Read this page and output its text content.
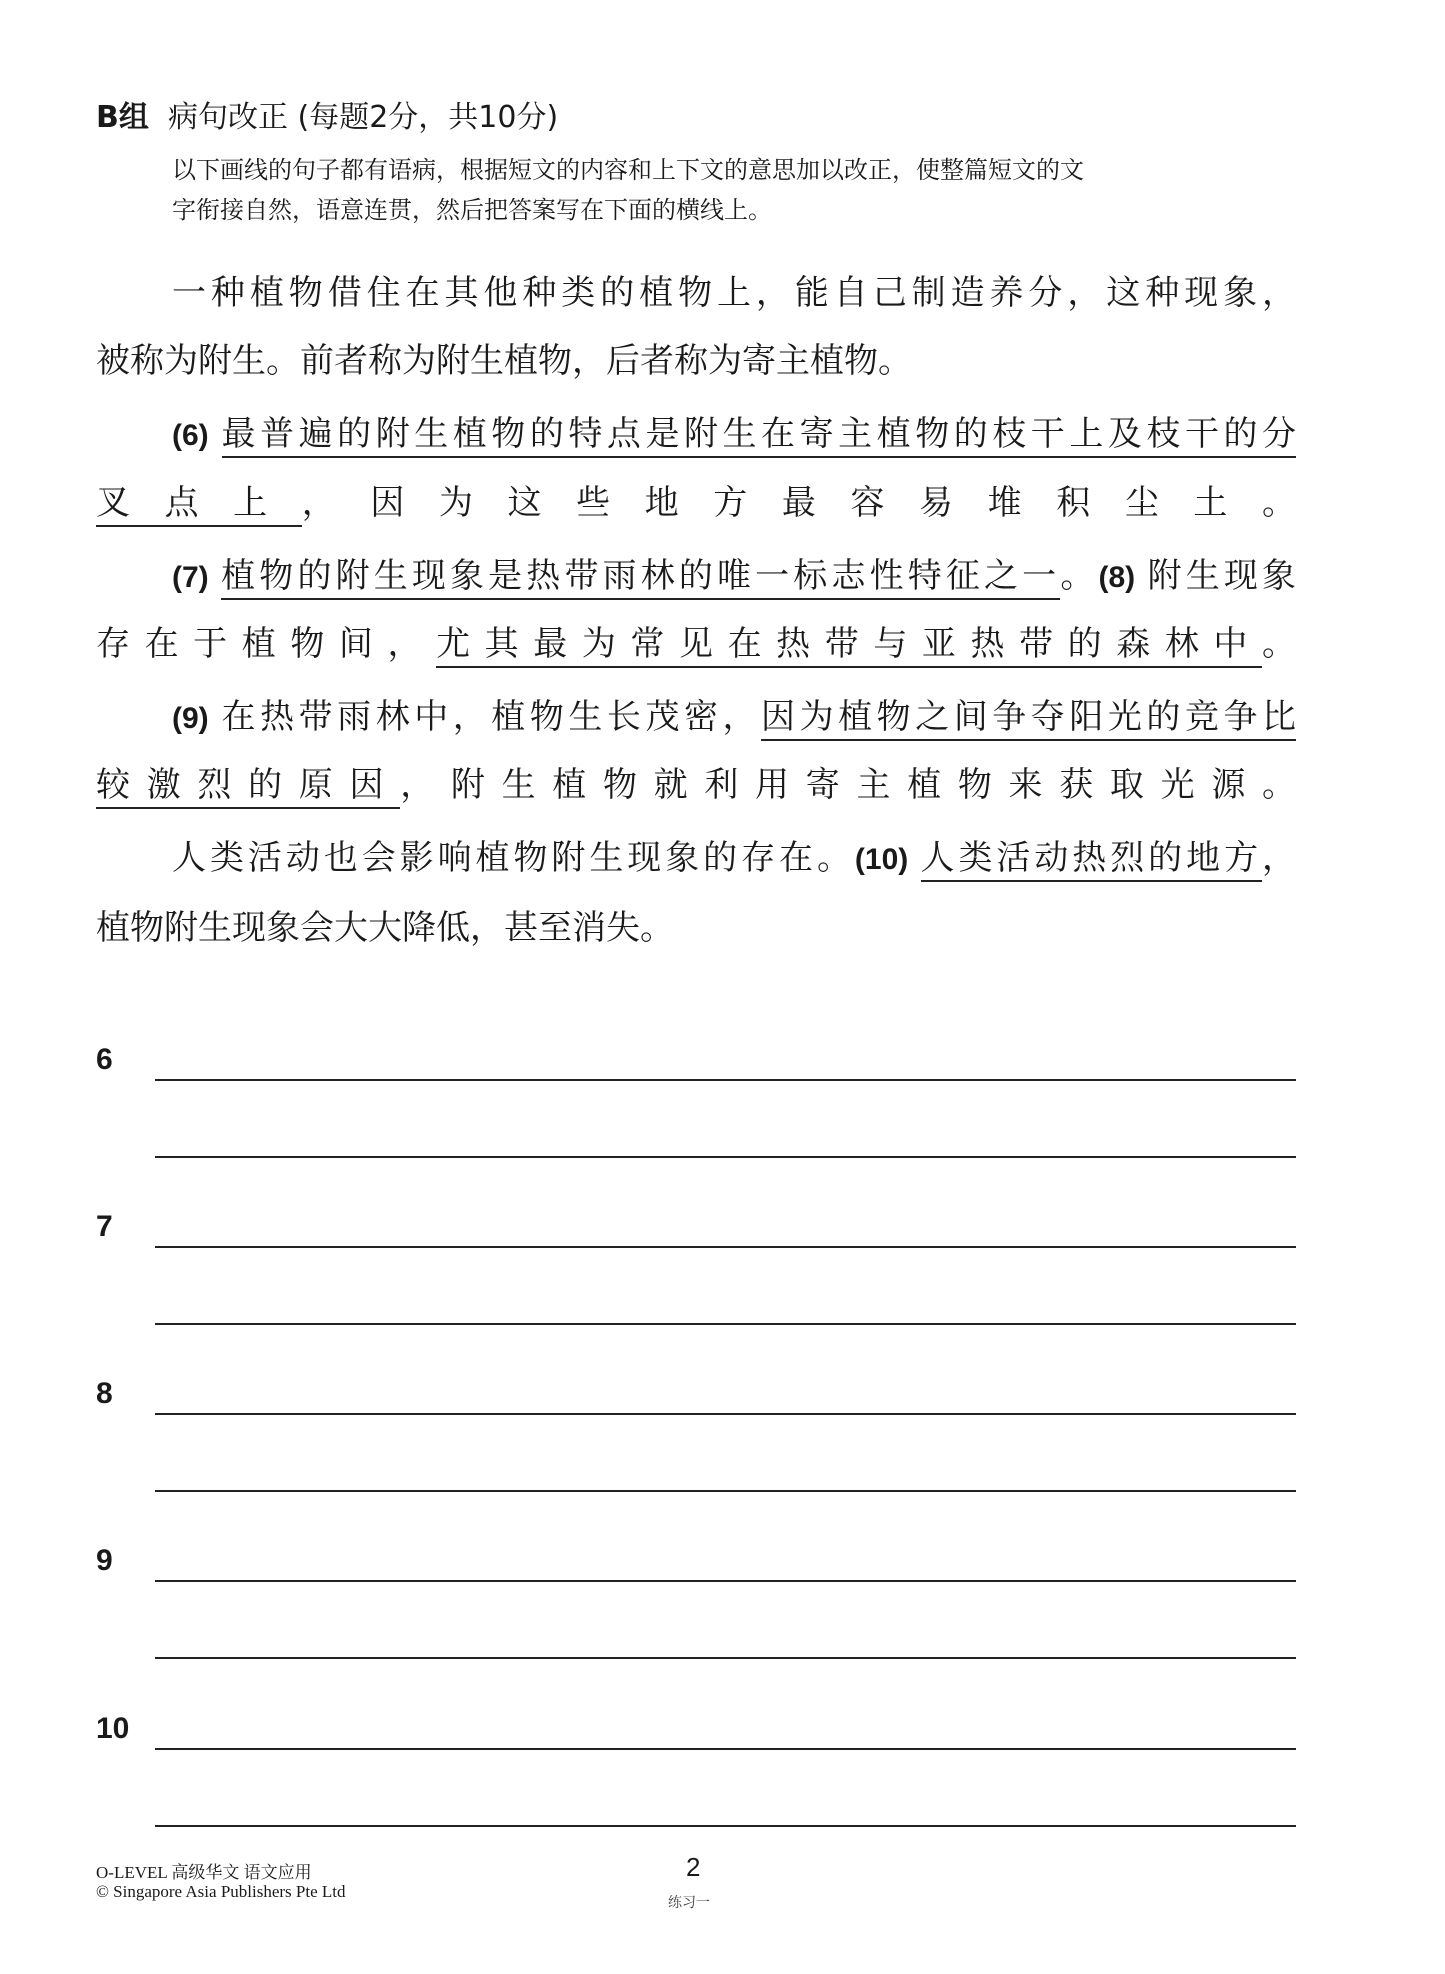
B组 病句改正 (每题2分，共10分)
以下画线的句子都有语病，根据短文的内容和上下文的意思加以改正，使整篇短文的文
字衔接自然，语意连贯，然后把答案写在下面的横线上。
一种植物借住在其他种类的植物上，能自己制造养分，这种现象，
被称为附生。前者称为附生植物，后者称为寄主植物。
(6) 最普遍的附生植物的特点是附生在寄主植物的枝干上及枝干的分
叉点上，因为这些地方最容易堆积尘土。
(7) 植物的附生现象是热带雨林的唯一标志性特征之一。(8) 附生现象
存在于植物间，尤其最为常见在热带与亚热带的森林中。
(9) 在热带雨林中，植物生长茂密，因为植物之间争夺阳光的竞争比
较激烈的原因，附生植物就利用寄主植物来获取光源。
人类活动也会影响植物附生现象的存在。(10) 人类活动热烈的地方，
植物附生现象会大大降低，甚至消失。
6
7
8
9
10
O-LEVEL 高级华文 语文应用
© Singapore Asia Publishers Pte Ltd
2
练习一
